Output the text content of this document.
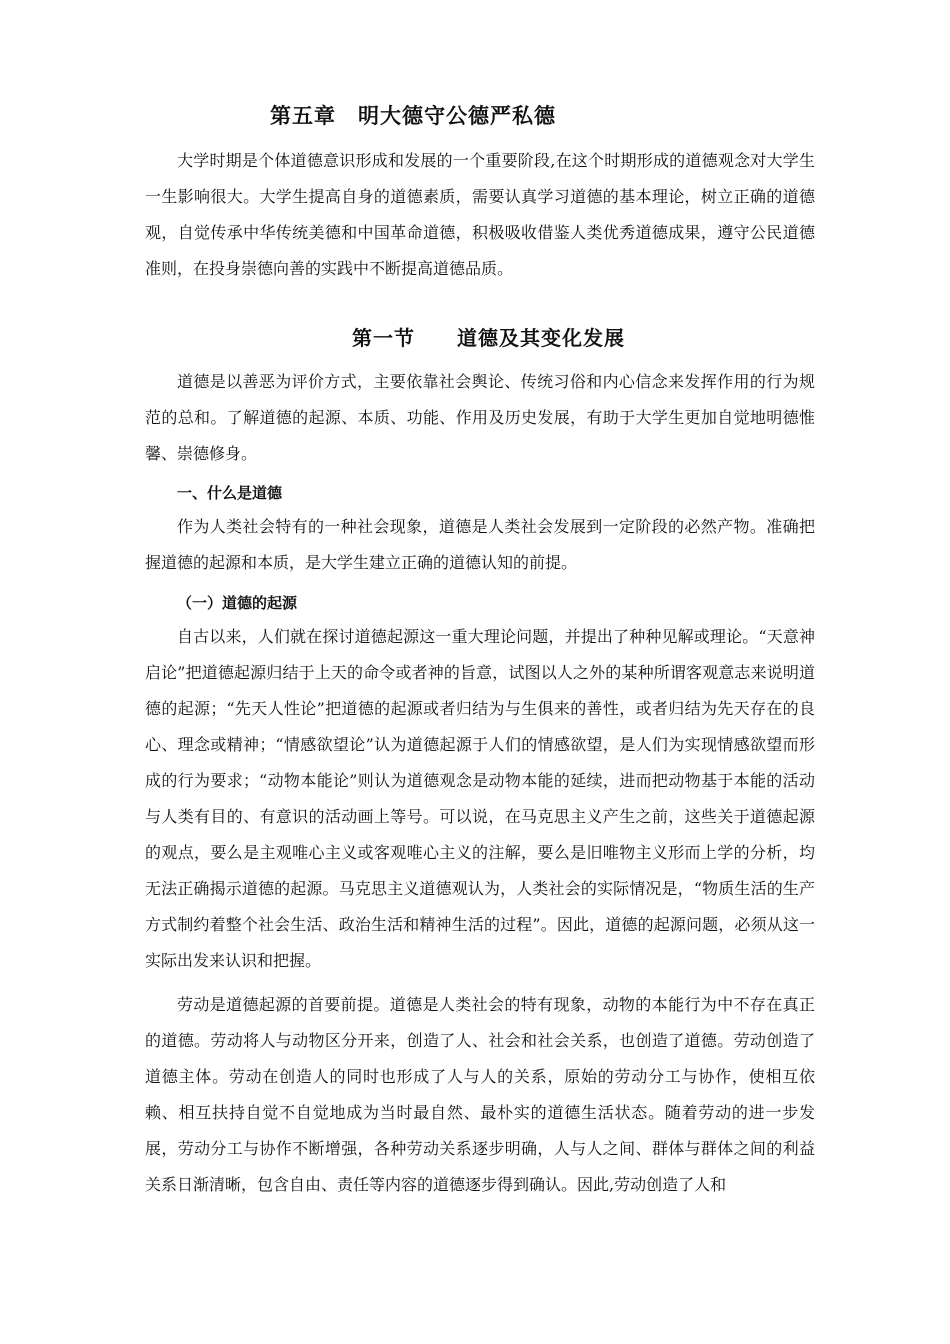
第五章　明大德守公德严私德

大学时期是个体道德意识形成和发展的一个重要阶段,在这个时期形成的道德观念对大学生一生影响很大。大学生提高自身的道德素质，需要认真学习道德的基本理论，树立正确的道德观，自觉传承中华传统美德和中国革命道德，积极吸收借鉴人类优秀道德成果，遵守公民道德准则，在投身崇德向善的实践中不断提高道德品质。

第一节　　道德及其变化发展

道德是以善恶为评价方式，主要依靠社会舆论、传统习俗和内心信念来发挥作用的行为规范的总和。了解道德的起源、本质、功能、作用及历史发展，有助于大学生更加自觉地明德惟馨、崇德修身。

一、什么是道德

作为人类社会特有的一种社会现象，道德是人类社会发展到一定阶段的必然产物。准确把握道德的起源和本质，是大学生建立正确的道德认知的前提。

（一）道德的起源

自古以来，人们就在探讨道德起源这一重大理论问题，并提出了种种见解或理论。“天意神启论”把道德起源归结于上天的命令或者神的旨意，试图以人之外的某种所谓客观意志来说明道德的起源；“先天人性论”把道德的起源或者归结为与生俱来的善性，或者归结为先天存在的良心、理念或精神；“情感欲望论”认为道德起源于人们的情感欲望，是人们为实现情感欲望而形成的行为要求；“动物本能论”则认为道德观念是动物本能的延续，进而把动物基于本能的活动与人类有目的、有意识的活动画上等号。可以说，在马克思主义产生之前，这些关于道德起源的观点，要么是主观唯心主义或客观唯心主义的注解，要么是旧唯物主义形而上学的分析，均无法正确揭示道德的起源。马克思主义道德观认为，人类社会的实际情况是，“物质生活的生产方式制约着整个社会生活、政治生活和精神生活的过程”。因此，道德的起源问题，必须从这一实际出发来认识和把握。

劳动是道德起源的首要前提。道德是人类社会的特有现象，动物的本能行为中不存在真正的道德。劳动将人与动物区分开来，创造了人、社会和社会关系，也创造了道德。劳动创造了道德主体。劳动在创造人的同时也形成了人与人的关系，原始的劳动分工与协作，使相互依赖、相互扶持自觉不自觉地成为当时最自然、最朴实的道德生活状态。随着劳动的进一步发展，劳动分工与协作不断增强，各种劳动关系逐步明确，人与人之间、群体与群体之间的利益关系日渐清晰，包含自由、责任等内容的道德逐步得到确认。因此,劳动创造了人和
